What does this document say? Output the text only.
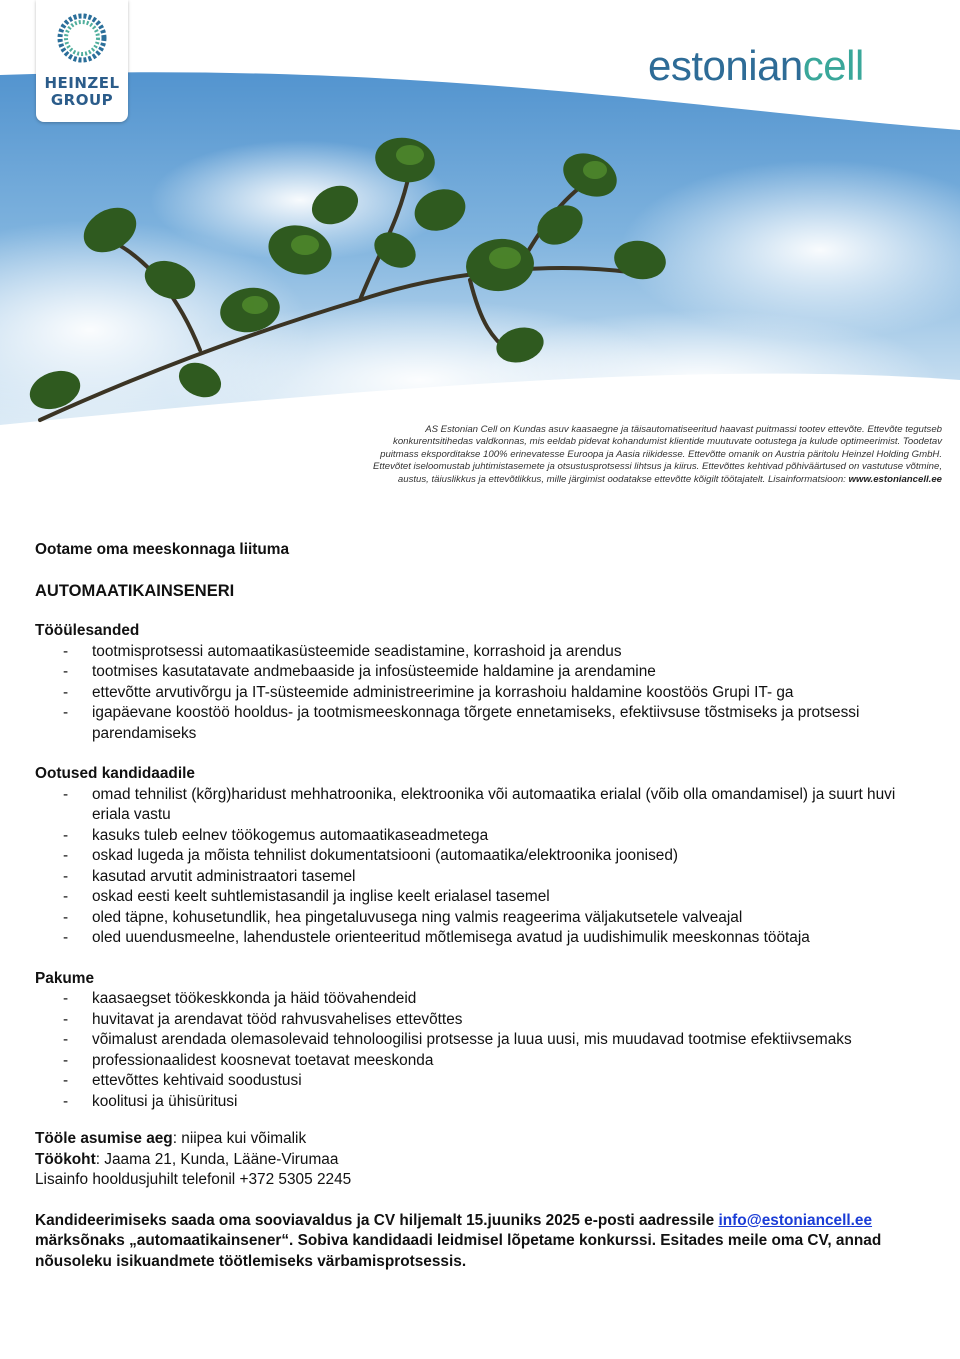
HEINZEL
GROUP
estoniancell
AS Estonian Cell on Kundas asuv kaasaegne ja täisautomatiseeritud haavast puitmassi tootev ettevõte. Ettevõte tegutseb konkurentsitihedas valdkonnas, mis eeldab pidevat kohandumist klientide muutuvate ootustega ja kulude optimeerimist. Toodetav puitmass eksporditakse 100% erinevatesse Euroopa ja Aasia riikidesse. Ettevõtte omanik on Austria päritolu Heinzel Holding GmbH. Ettevõtet iseloomustab juhtimistasemete ja otsustusprotsessi lihtsus ja kiirus. Ettevõttes kehtivad põhiväärtused on vastutuse võtmine, austus, täiuslikkus ja ettevõtlikkus, mille järgimist oodatakse ettevõtte kõigilt töötajatelt. Lisainformatsioon: www.estoniancell.ee

Ootame oma meeskonnaga liituma

AUTOMAATIKAINSENERI

Tööülesanded
- tootmisprotsessi automaatikasüsteemide seadistamine, korrashoid ja arendus
- tootmises kasutatavate andmebaaside ja infosüsteemide haldamine ja arendamine
- ettevõtte arvutivõrgu ja IT-süsteemide administreerimine ja korrashoiu haldamine koostöös Grupi IT- ga
- igapäevane koostöö hooldus- ja tootmismeeskonnaga tõrgete ennetamiseks, efektiivsuse tõstmiseks ja protsessi parendamiseks
Ootused kandidaadile
- omad tehnilist (kõrg)haridust mehhatroonika, elektroonika või automaatika erialal (võib olla omandamisel) ja suurt huvi eriala vastu
- kasuks tuleb eelnev töökogemus automaatikaseadmetega
- oskad lugeda ja mõista tehnilist dokumentatsiooni (automaatika/elektroonika joonised)
- kasutad arvutit administraatori tasemel
- oskad eesti keelt suhtlemistasandil ja inglise keelt erialasel tasemel
- oled täpne, kohusetundlik, hea pingetaluvusega ning valmis reageerima väljakutsetele valveajal
- oled uuendusmeelne, lahendustele orienteeritud mõtlemisega avatud ja uudishimulik meeskonnas töötaja
Pakume
- kaasaegset töökeskkonda ja häid töövahendeid
- huvitavat ja arendavat tööd rahvusvahelises ettevõttes
- võimalust arendada olemasolevaid tehnoloogilisi protsesse ja luua uusi, mis muudavad tootmise efektiivsemaks
- professionaalidest koosnevat toetavat meeskonda
- ettevõttes kehtivaid soodustusi
- koolitusi ja ühisüritusi

Tööle asumise aeg: niipea kui võimalik

Töökoht: Jaama 21, Kunda, Lääne-Virumaa

Lisainfo hooldusjuhilt telefonil +372 5305 2245

Kandideerimiseks saada oma sooviavaldus ja CV hiljemalt 15.juuniks 2025 e-posti aadressile info@estoniancell.ee märksõnaks „automaatikainsener“. Sobiva kandidaadi leidmisel lõpetame konkurssi. Esitades meile oma CV, annad nõusoleku isikuandmete töötlemiseks värbamisprotsessis.
